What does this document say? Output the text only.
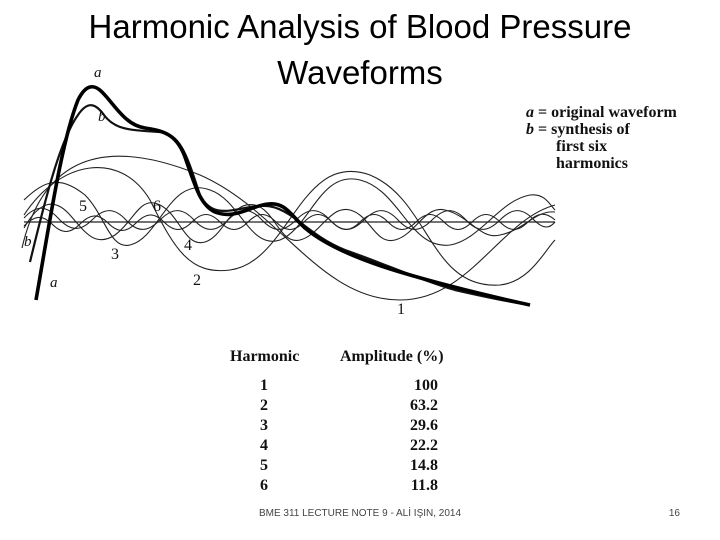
Harmonic Analysis of Blood Pressure
Waveforms
a
b
b
a
1
2
3
4
5	6
a = original waveform
b = synthesis of
first six
harmonics
Harmonic	Amplitude (%)
1	100
2	63.2
3	29.6
4	22.2
5	14.8
6	11.8
BME 311 LECTURE NOTE 9 - ALİ IŞIN, 2014	16
